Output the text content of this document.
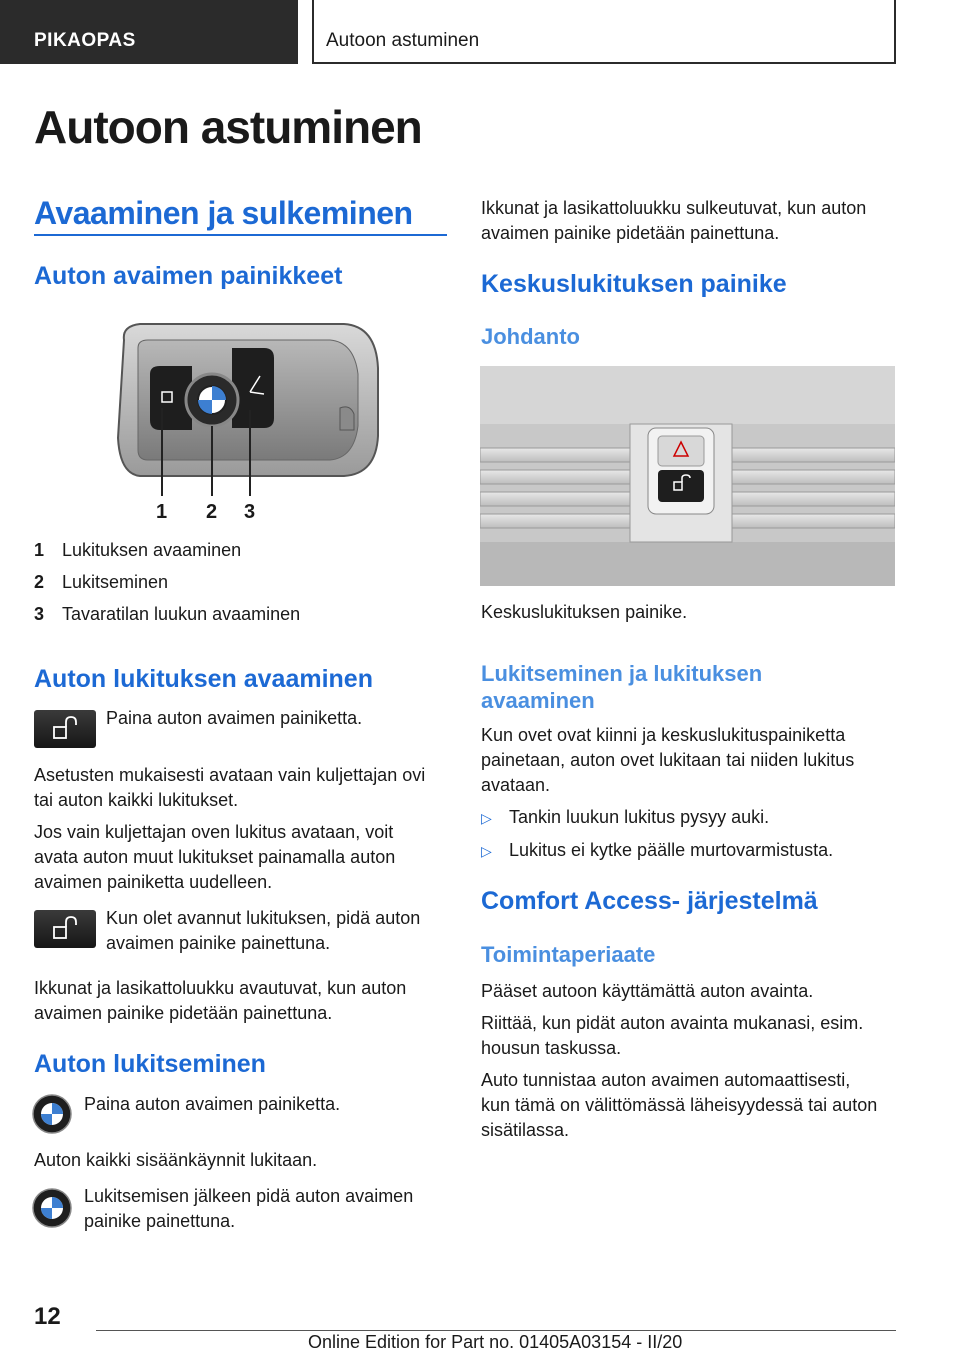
PIKAOPAS	Autoon astuminen
Autoon astuminen
Avaaminen ja sulkeminen
Auton avaimen painikkeet
1 2 3
1 Lukituksen avaaminen
2 Lukitseminen
3 Tavaratilan luukun avaaminen
Auton lukituksen avaaminen
Paina auton avaimen painiketta.
Asetusten mukaisesti avataan vain kuljettajan ovi
tai auton kaikki lukitukset.
Jos vain kuljettajan oven lukitus avataan, voit
avata auton muut lukitukset painamalla auton
avaimen painiketta uudelleen.
Kun olet avannut lukituksen, pidä auton
avaimen painike painettuna.
Ikkunat ja lasikattoluukku avautuvat, kun auton
avaimen painike pidetään painettuna.
Auton lukitseminen
Paina auton avaimen painiketta.
Auton kaikki sisäänkäynnit lukitaan.
Lukitsemisen jälkeen pidä auton avaimen
painike painettuna.
Ikkunat ja lasikattoluukku sulkeutuvat, kun auton
avaimen painike pidetään painettuna.
Keskuslukituksen painike
Johdanto
Keskuslukituksen painike.
Lukitseminen ja lukituksen
avaaminen
Kun ovet ovat kiinni ja keskuslukituspainiketta
painetaan, auton ovet lukitaan tai niiden lukitus
avataan.
▷ Tankin luukun lukitus pysyy auki.
▷ Lukitus ei kytke päälle murtovarmistusta.
Comfort Access- järjestelmä
Toimintaperiaate
Pääset autoon käyttämättä auton avainta.
Riittää, kun pidät auton avainta mukanasi, esim.
housun taskussa.
Auto tunnistaa auton avaimen automaattisesti,
kun tämä on välittömässä läheisyydessä tai auton
sisätilassa.
12
Online Edition for Part no. 01405A03154 - II/20
